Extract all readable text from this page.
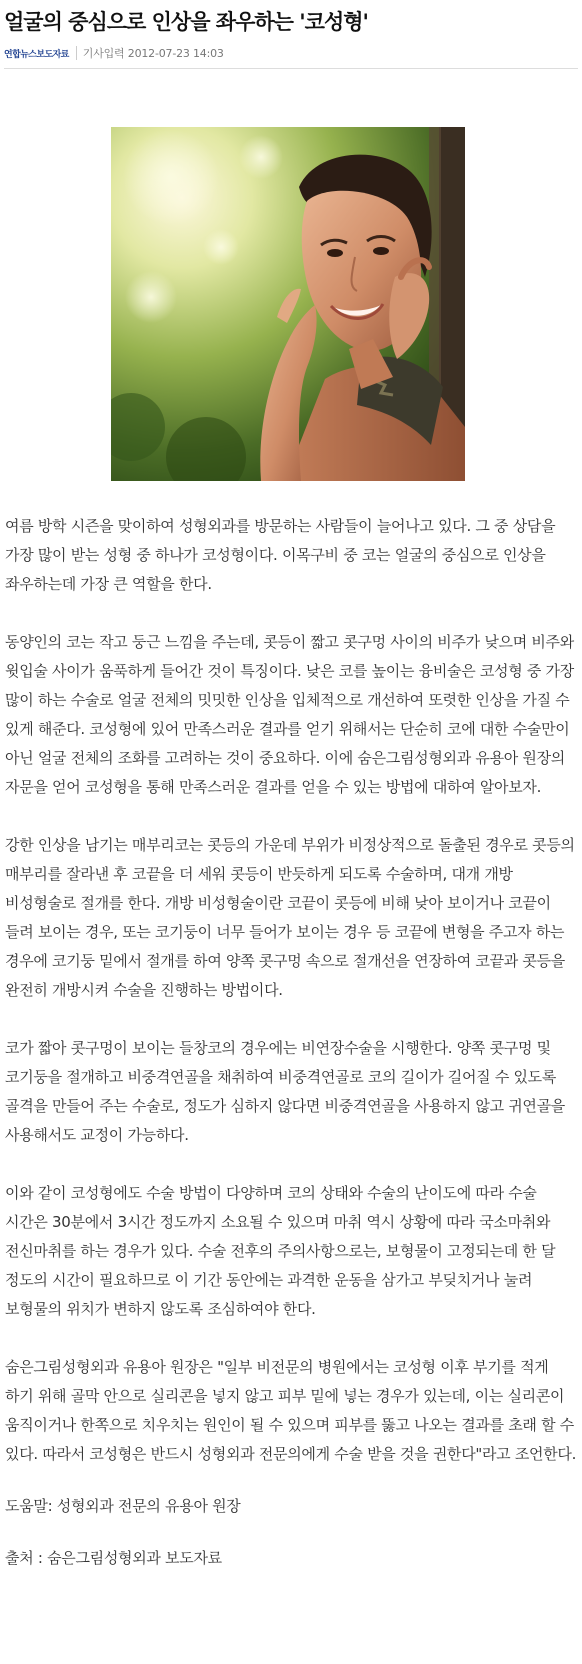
얼굴의 중심으로 인상을 좌우하는 '코성형'
연합뉴스보도자료 기사입력 2012-07-23 14:03

여름 방학 시즌을 맞이하여 성형외과를 방문하는 사람들이 늘어나고 있다. 그 중 상담을 가장 많이 받는 성형 중 하나가 코성형이다. 이목구비 중 코는 얼굴의 중심으로 인상을 좌우하는데 가장 큰 역할을 한다.

동양인의 코는 작고 둥근 느낌을 주는데, 콧등이 짧고 콧구멍 사이의 비주가 낮으며 비주와 윗입술 사이가 움푹하게 들어간 것이 특징이다. 낮은 코를 높이는 융비술은 코성형 중 가장 많이 하는 수술로 얼굴 전체의 밋밋한 인상을 입체적으로 개선하여 또렷한 인상을 가질 수 있게 해준다. 코성형에 있어 만족스러운 결과를 얻기 위해서는 단순히 코에 대한 수술만이 아닌 얼굴 전체의 조화를 고려하는 것이 중요하다. 이에 숨은그림성형외과 유용아 원장의 자문을 얻어 코성형을 통해 만족스러운 결과를 얻을 수 있는 방법에 대하여 알아보자.

강한 인상을 남기는 매부리코는 콧등의 가운데 부위가 비정상적으로 돌출된 경우로 콧등의 매부리를 잘라낸 후 코끝을 더 세워 콧등이 반듯하게 되도록 수술하며, 대개 개방 비성형술로 절개를 한다. 개방 비성형술이란 코끝이 콧등에 비해 낮아 보이거나 코끝이 들려 보이는 경우, 또는 코기둥이 너무 들어가 보이는 경우 등 코끝에 변형을 주고자 하는 경우에 코기둥 밑에서 절개를 하여 양쪽 콧구멍 속으로 절개선을 연장하여 코끝과 콧등을 완전히 개방시켜 수술을 진행하는 방법이다.

코가 짧아 콧구멍이 보이는 들창코의 경우에는 비연장수술을 시행한다. 양쪽 콧구멍 및 코기둥을 절개하고 비중격연골을 채취하여 비중격연골로 코의 길이가 길어질 수 있도록 골격을 만들어 주는 수술로, 정도가 심하지 않다면 비중격연골을 사용하지 않고 귀연골을 사용해서도 교정이 가능하다.

이와 같이 코성형에도 수술 방법이 다양하며 코의 상태와 수술의 난이도에 따라 수술 시간은 30분에서 3시간 정도까지 소요될 수 있으며 마취 역시 상황에 따라 국소마취와 전신마취를 하는 경우가 있다. 수술 전후의 주의사항으로는, 보형물이 고정되는데 한 달 정도의 시간이 필요하므로 이 기간 동안에는 과격한 운동을 삼가고 부딪치거나 눌려 보형물의 위치가 변하지 않도록 조심하여야 한다.

숨은그림성형외과 유용아 원장은 "일부 비전문의 병원에서는 코성형 이후 부기를 적게 하기 위해 골막 안으로 실리콘을 넣지 않고 피부 밑에 넣는 경우가 있는데, 이는 실리콘이 움직이거나 한쪽으로 치우치는 원인이 될 수 있으며 피부를 뚫고 나오는 결과를 초래 할 수 있다. 따라서 코성형은 반드시 성형외과 전문의에게 수술 받을 것을 권한다"라고 조언한다.

도움말: 성형외과 전문의 유용아 원장

출처 : 숨은그림성형외과 보도자료
